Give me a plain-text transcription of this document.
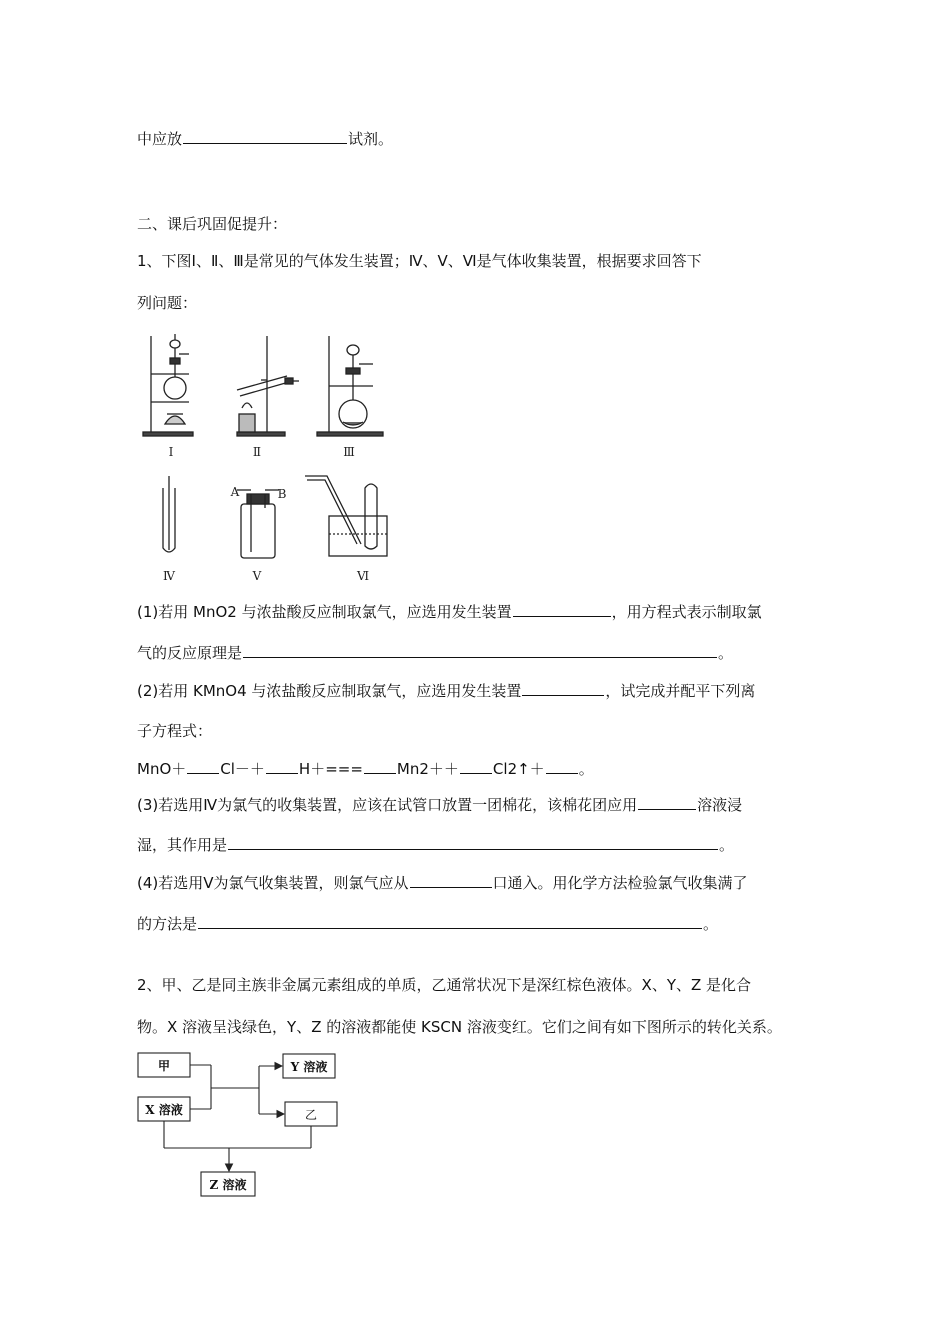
中应放	试剂。
二、课后巩固促提升：
1、下图Ⅰ、Ⅱ、Ⅲ是常见的气体发生装置；Ⅳ、Ⅴ、Ⅵ是气体收集装置，根据要求回答下
列问题：
Ⅰ	Ⅱ	Ⅲ
Ⅳ	Ⅴ	Ⅵ
A	B
(1)若用 MnO2 与浓盐酸反应制取氯气，应选用发生装置	，用方程式表示制取氯
气的反应原理是	。
(2)若用 KMnO4 与浓盐酸反应制取氯气，应选用发生装置	，试完成并配平下列离
子方程式：
MnO＋ Cl－＋ H＋=== Mn2＋＋ Cl2↑＋ 。
(3)若选用Ⅳ为氯气的收集装置，应该在试管口放置一团棉花，该棉花团应用	溶液浸
湿，其作用是	。
(4)若选用Ⅴ为氯气收集装置，则氯气应从	口通入。用化学方法检验氯气收集满了
的方法是	。
2、甲、乙是同主族非金属元素组成的单质，乙通常状况下是深红棕色液体。X、Y、Z 是化合
物。X 溶液呈浅绿色，Y、Z 的溶液都能使 KSCN 溶液变红。它们之间有如下图所示的转化关系。
甲
X 溶液
Y 溶液
乙
Z 溶液
